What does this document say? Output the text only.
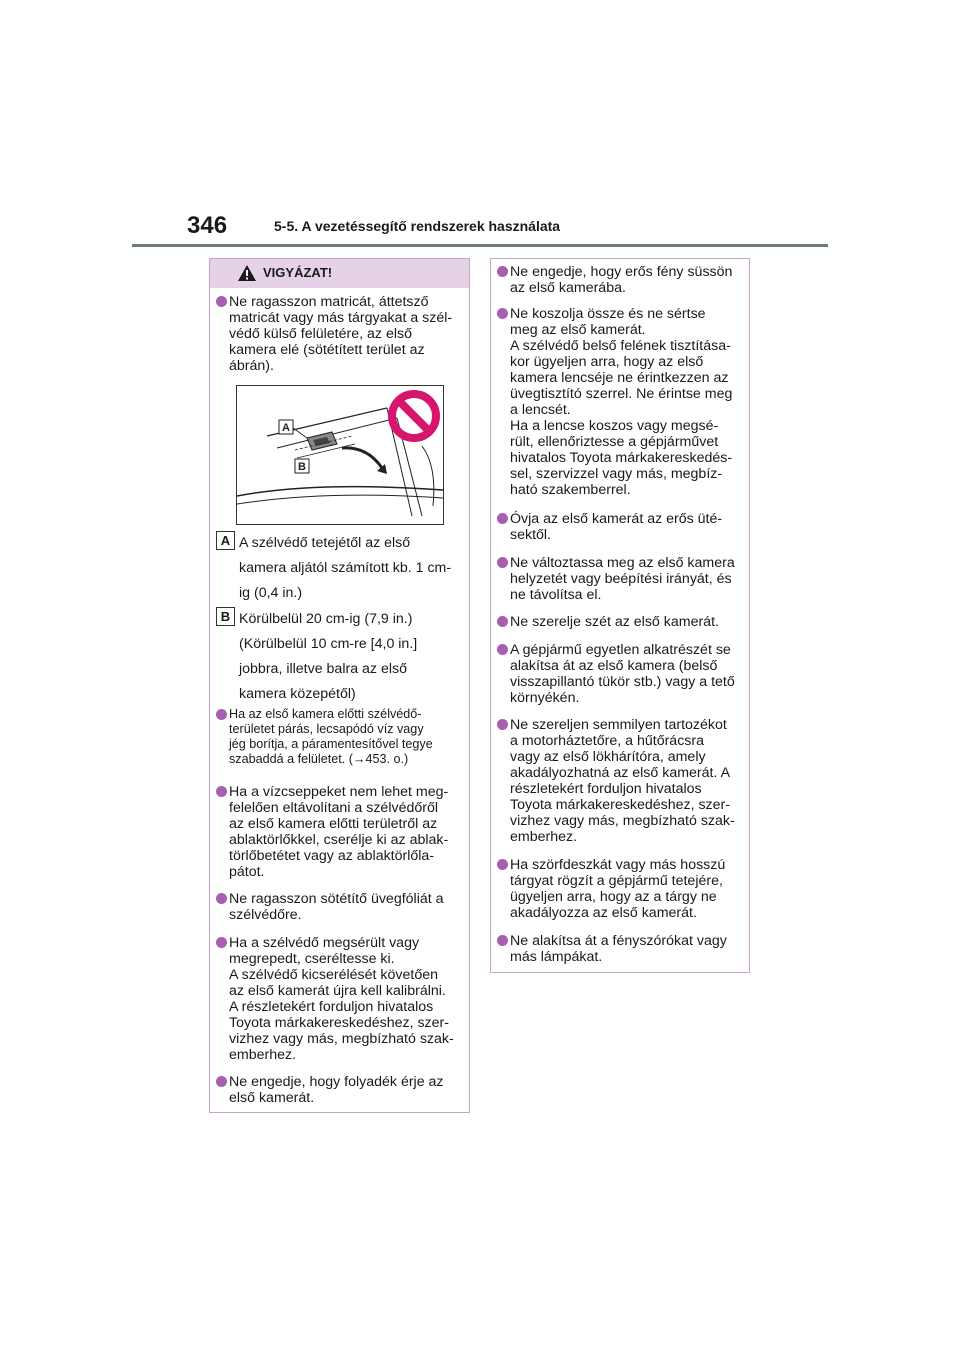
346	5-5. A vezetéssegítő rendszerek használata
VIGYÁZAT!
Ne ragasszon matricát, áttetsző
matricát vagy más tárgyakat a szél-
védő külső felületére, az első
kamera elé (sötétített terület az
ábrán).
A
B
A A szélvédő tetejétől az első
kamera aljától számított kb. 1 cm-
ig (0,4 in.)
B Körülbelül 20 cm-ig (7,9 in.)
(Körülbelül 10 cm-re [4,0 in.]
jobbra, illetve balra az első
kamera közepétől)
Ha az első kamera előtti szélvédő-
területet párás, lecsapódó víz vagy
jég borítja, a páramentesítővel tegye
szabaddá a felületet. (→453. o.)
Ha a vízcseppeket nem lehet meg-
felelően eltávolítani a szélvédőről
az első kamera előtti területről az
ablaktörlőkkel, cserélje ki az ablak-
törlőbetétet vagy az ablaktörlőla-
pátot.
Ne ragasszon sötétítő üvegfóliát a
szélvédőre.
Ha a szélvédő megsérült vagy
megrepedt, cseréltesse ki.
A szélvédő kicserélését követően
az első kamerát újra kell kalibrálni.
A részletekért forduljon hivatalos
Toyota márkakereskedéshez, szer-
vizhez vagy más, megbízható szak-
emberhez.
Ne engedje, hogy folyadék érje az
első kamerát.
Ne engedje, hogy erős fény süssön
az első kamerába.
Ne koszolja össze és ne sértse
meg az első kamerát.
A szélvédő belső felének tisztítása-
kor ügyeljen arra, hogy az első
kamera lencséje ne érintkezzen az
üvegtisztító szerrel. Ne érintse meg
a lencsét.
Ha a lencse koszos vagy megsé-
rült, ellenőriztesse a gépjárművet
hivatalos Toyota márkakereskedés-
sel, szervizzel vagy más, megbíz-
ható szakemberrel.
Óvja az első kamerát az erős üté-
sektől.
Ne változtassa meg az első kamera
helyzetét vagy beépítési irányát, és
ne távolítsa el.
Ne szerelje szét az első kamerát.
A gépjármű egyetlen alkatrészét se
alakítsa át az első kamera (belső
visszapillantó tükör stb.) vagy a tető
környékén.
Ne szereljen semmilyen tartozékot
a motorháztetőre, a hűtőrácsra
vagy az első lökhárítóra, amely
akadályozhatná az első kamerát. A
részletekért forduljon hivatalos
Toyota márkakereskedéshez, szer-
vizhez vagy más, megbízható szak-
emberhez.
Ha szörfdeszkát vagy más hosszú
tárgyat rögzít a gépjármű tetejére,
ügyeljen arra, hogy az a tárgy ne
akadályozza az első kamerát.
Ne alakítsa át a fényszórókat vagy
más lámpákat.
